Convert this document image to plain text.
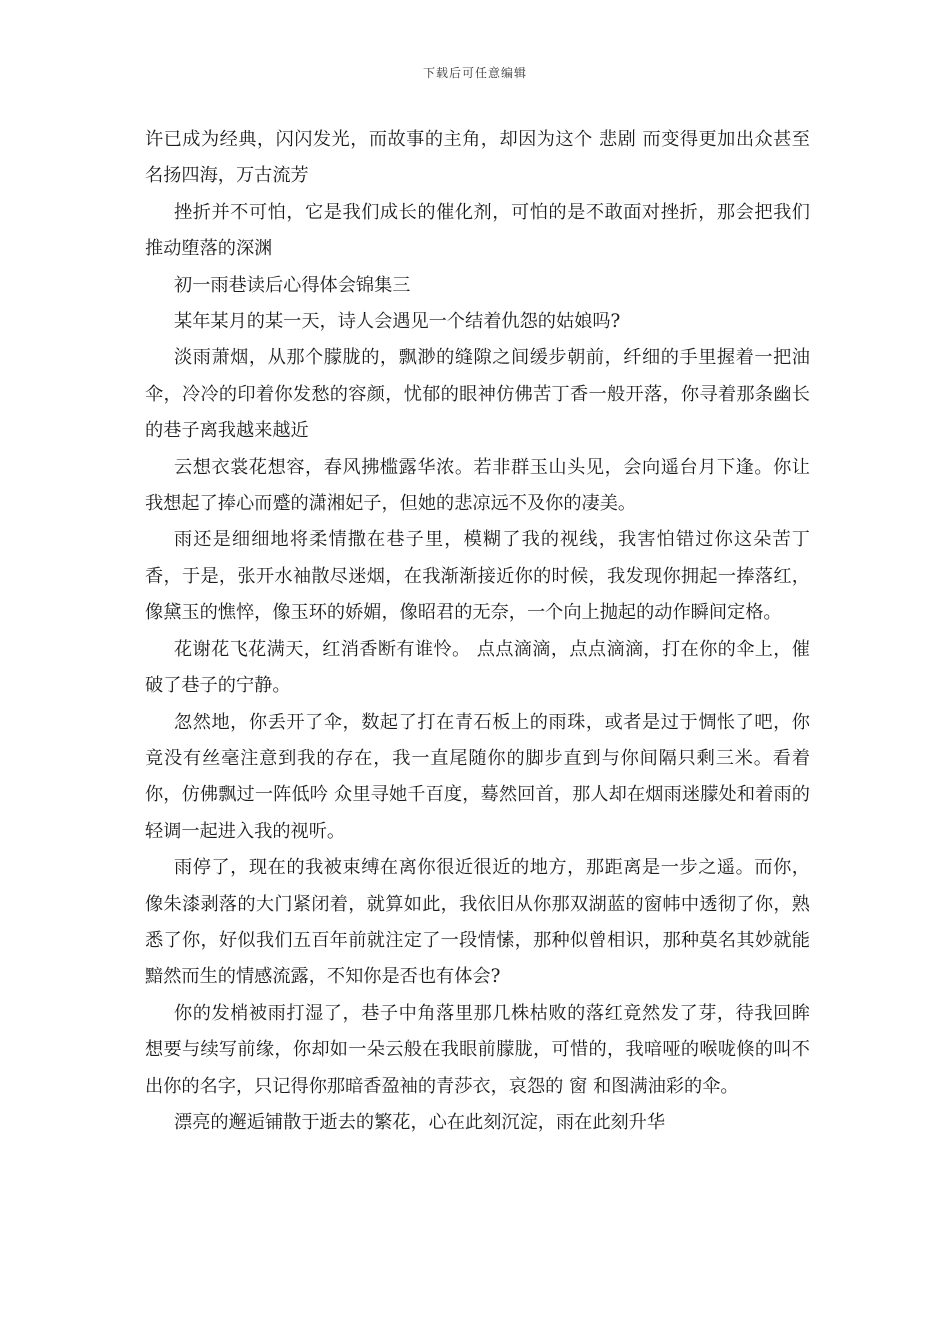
下载后可任意编辑

许已成为经典，闪闪发光，而故事的主角，却因为这个 悲剧 而变得更加出众甚至名扬四海，万古流芳

挫折并不可怕，它是我们成长的催化剂，可怕的是不敢面对挫折，那会把我们推动堕落的深渊

初一雨巷读后心得体会锦集三

某年某月的某一天，诗人会遇见一个结着仇怨的姑娘吗?

淡雨萧烟，从那个朦胧的，飘渺的缝隙之间缓步朝前，纤细的手里握着一把油伞，冷冷的印着你发愁的容颜，忧郁的眼神仿佛苦丁香一般开落，你寻着那条幽长的巷子离我越来越近

云想衣裳花想容，春风拂槛露华浓。若非群玉山头见，会向遥台月下逢。你让我想起了捧心而蹙的潇湘妃子，但她的悲凉远不及你的凄美。

雨还是细细地将柔情撒在巷子里，模糊了我的视线，我害怕错过你这朵苦丁香，于是，张开水袖散尽迷烟，在我渐渐接近你的时候，我发现你拥起一捧落红，像黛玉的憔悴，像玉环的娇媚，像昭君的无奈，一个向上抛起的动作瞬间定格。

花谢花飞花满天，红消香断有谁怜。 点点滴滴，点点滴滴，打在你的伞上，催破了巷子的宁静。

忽然地，你丢开了伞，数起了打在青石板上的雨珠，或者是过于惆怅了吧，你竟没有丝毫注意到我的存在，我一直尾随你的脚步直到与你间隔只剩三米。看着你，仿佛飘过一阵低吟 众里寻她千百度，蓦然回首，那人却在烟雨迷朦处和着雨的轻调一起进入我的视听。

雨停了，现在的我被束缚在离你很近很近的地方，那距离是一步之遥。而你，像朱漆剥落的大门紧闭着，就算如此，我依旧从你那双湖蓝的窗帏中透彻了你，熟悉了你，好似我们五百年前就注定了一段情愫，那种似曾相识，那种莫名其妙就能黯然而生的情感流露，不知你是否也有体会?

你的发梢被雨打湿了，巷子中角落里那几株枯败的落红竟然发了芽，待我回眸想要与续写前缘，你却如一朵云般在我眼前朦胧，可惜的，我喑哑的喉咙倏的叫不出你的名字，只记得你那暗香盈袖的青莎衣，哀怨的 窗 和图满油彩的伞。

漂亮的邂逅铺散于逝去的繁花，心在此刻沉淀，雨在此刻升华
